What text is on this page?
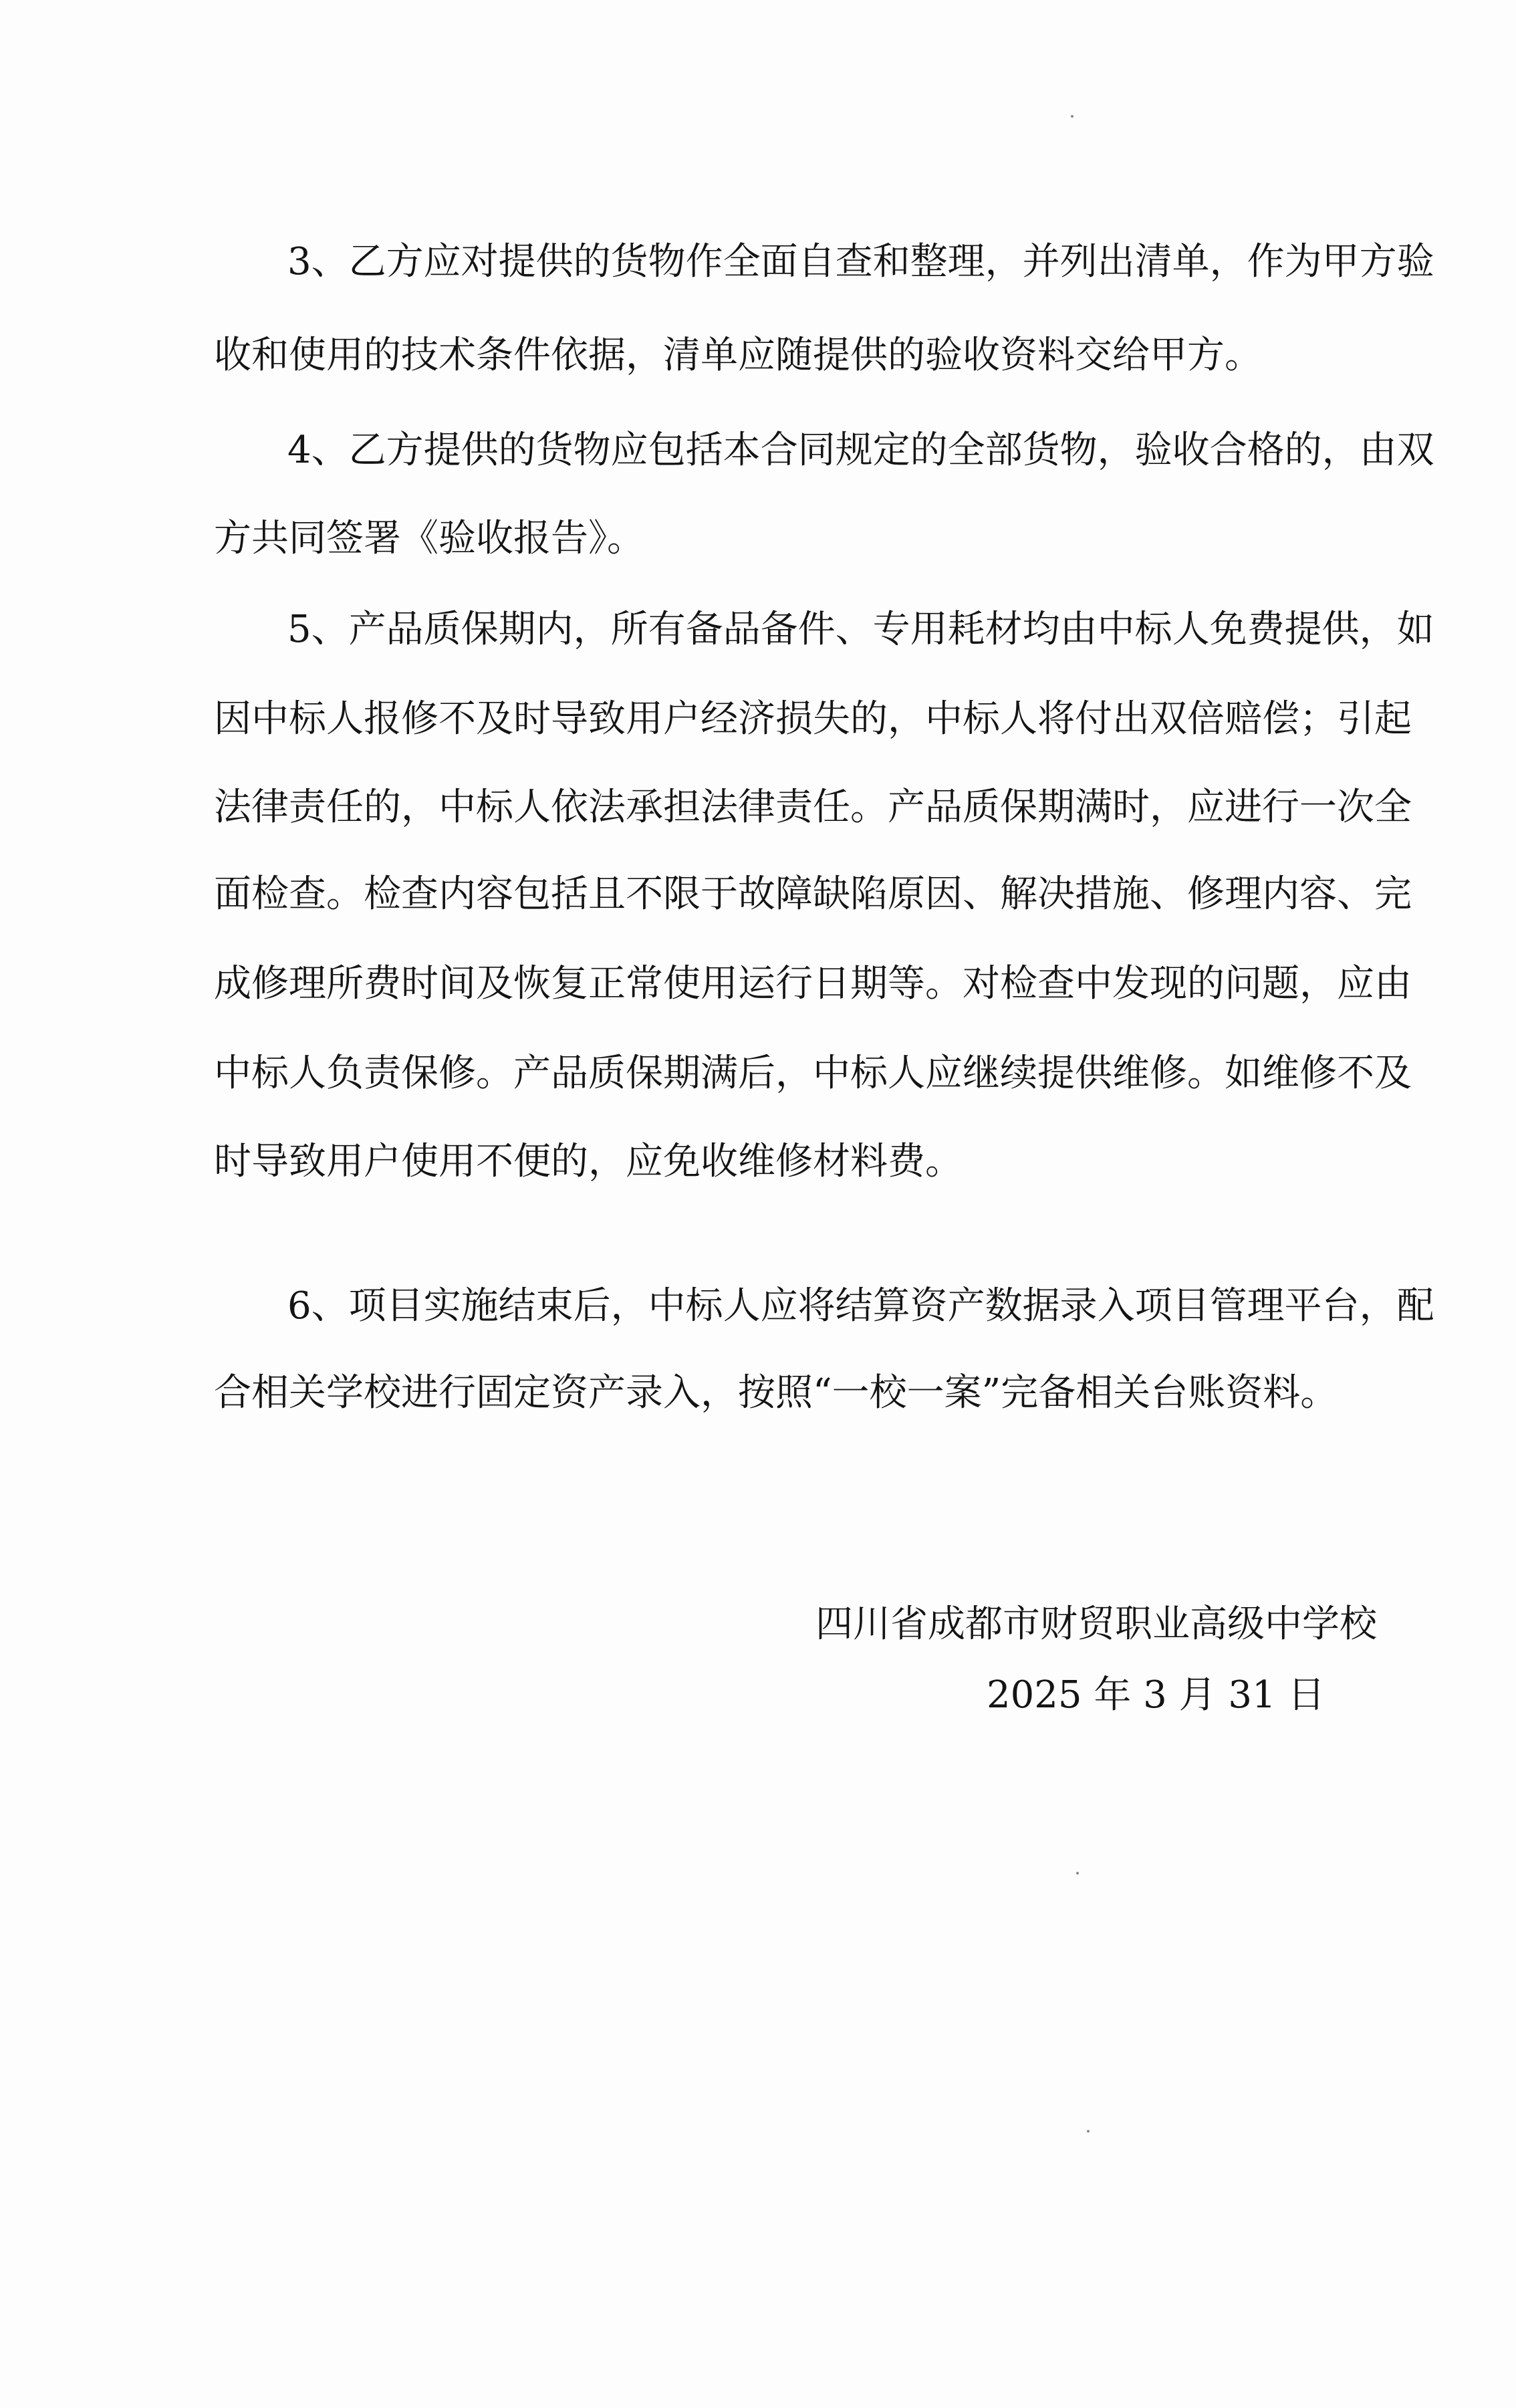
3、乙方应对提供的货物作全面自查和整理，并列出清单，作为甲方验
收和使用的技术条件依据，清单应随提供的验收资料交给甲方。
4、乙方提供的货物应包括本合同规定的全部货物，验收合格的，由双
方共同签署《验收报告》。
5、产品质保期内，所有备品备件、专用耗材均由中标人免费提供，如
因中标人报修不及时导致用户经济损失的，中标人将付出双倍赔偿；引起
法律责任的，中标人依法承担法律责任。产品质保期满时，应进行一次全
面检查。检查内容包括且不限于故障缺陷原因、解决措施、修理内容、完
成修理所费时间及恢复正常使用运行日期等。对检查中发现的问题，应由
中标人负责保修。产品质保期满后，中标人应继续提供维修。如维修不及
时导致用户使用不便的，应免收维修材料费。
6、项目实施结束后，中标人应将结算资产数据录入项目管理平台，配
合相关学校进行固定资产录入，按照“一校一案”完备相关台账资料。
四川省成都市财贸职业高级中学校
2025 年 3 月 31 日
